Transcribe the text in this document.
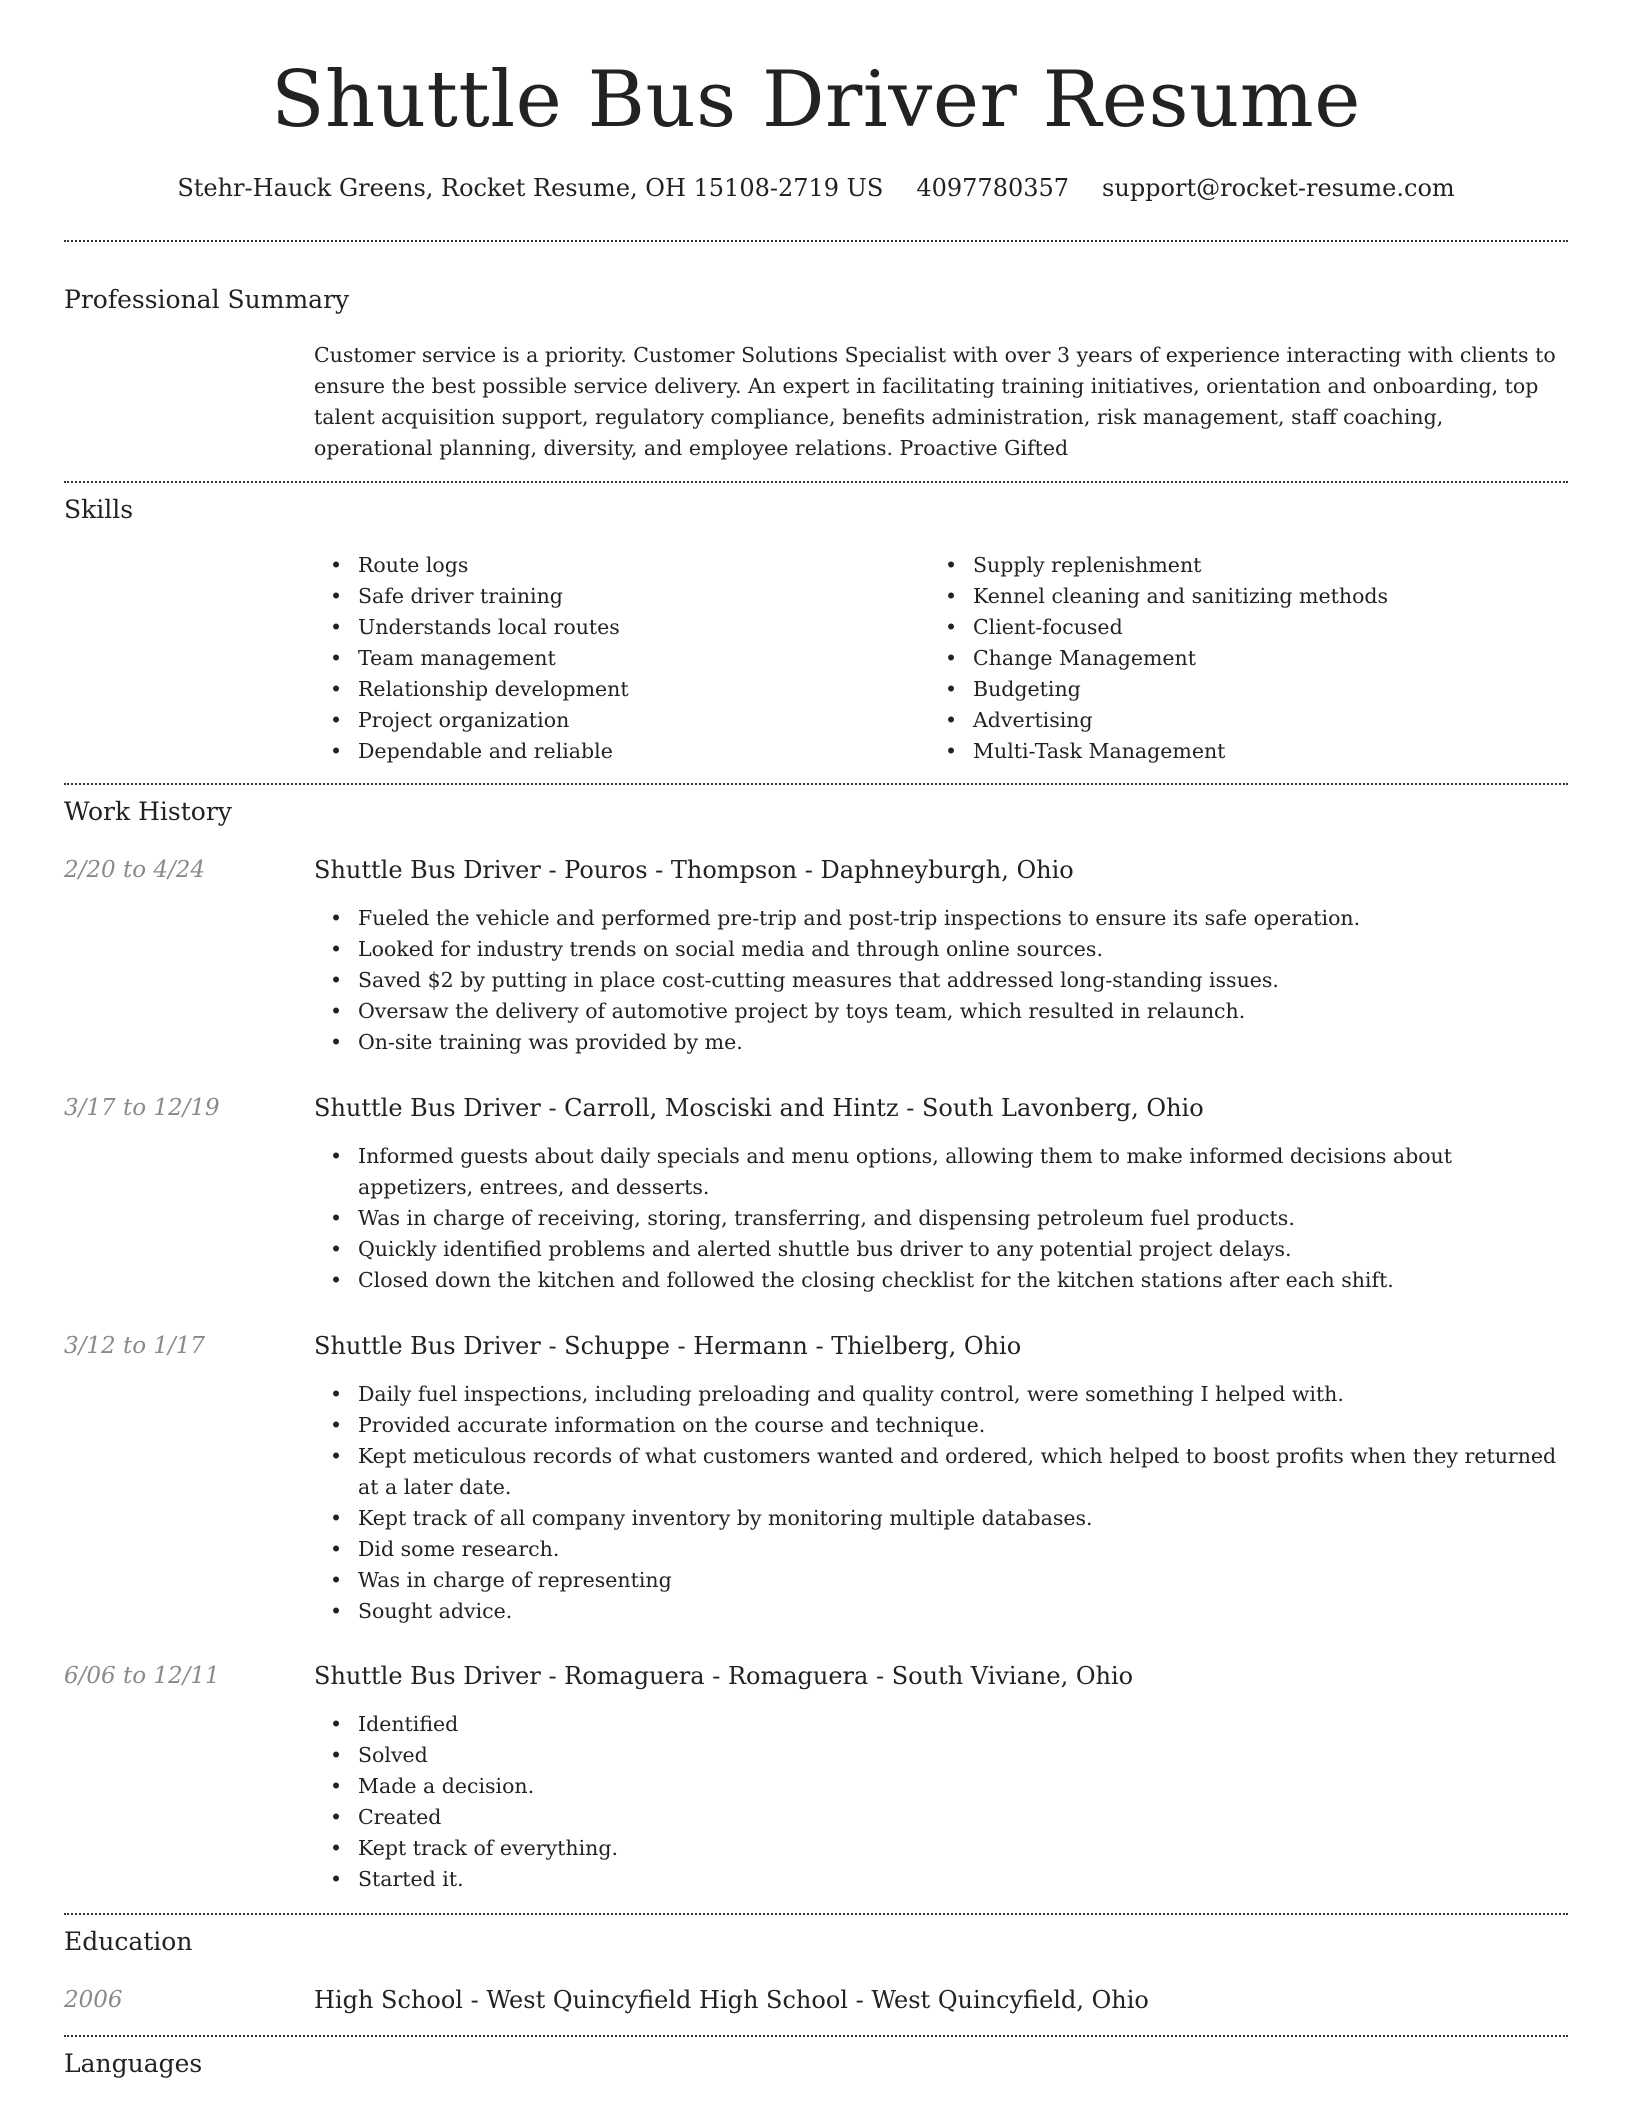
Shuttle Bus Driver Resume
Stehr-Hauck Greens, Rocket Resume, OH 15108-2719 US 4097780357 support@rocket-resume.com
Professional Summary

Customer service is a priority. Customer Solutions Specialist with over 3 years of experience interacting with clients to ensure the best possible service delivery. An expert in facilitating training initiatives, orientation and onboarding, top talent acquisition support, regulatory compliance, benefits administration, risk management, staff coaching, operational planning, diversity, and employee relations. Proactive Gifted

Skills
• Route logs
• Safe driver training
• Understands local routes
• Team management
• Relationship development
• Project organization
• Dependable and reliable
• Supply replenishment
• Kennel cleaning and sanitizing methods
• Client-focused
• Change Management
• Budgeting
• Advertising
• Multi-Task Management
Work History
2/20 to 4/24	Shuttle Bus Driver - Pouros - Thompson - Daphneyburgh, Ohio
• Fueled the vehicle and performed pre-trip and post-trip inspections to ensure its safe operation.
• Looked for industry trends on social media and through online sources.
• Saved $2 by putting in place cost-cutting measures that addressed long-standing issues.
• Oversaw the delivery of automotive project by toys team, which resulted in relaunch.
• On-site training was provided by me.
3/17 to 12/19	Shuttle Bus Driver - Carroll, Mosciski and Hintz - South Lavonberg, Ohio
• Informed guests about daily specials and menu options, allowing them to make informed decisions about appetizers, entrees, and desserts.
• Was in charge of receiving, storing, transferring, and dispensing petroleum fuel products.
• Quickly identified problems and alerted shuttle bus driver to any potential project delays.
• Closed down the kitchen and followed the closing checklist for the kitchen stations after each shift.
3/12 to 1/17	Shuttle Bus Driver - Schuppe - Hermann - Thielberg, Ohio
• Daily fuel inspections, including preloading and quality control, were something I helped with.
• Provided accurate information on the course and technique.
• Kept meticulous records of what customers wanted and ordered, which helped to boost profits when they returned at a later date.
• Kept track of all company inventory by monitoring multiple databases.
• Did some research.
• Was in charge of representing
• Sought advice.
6/06 to 12/11	Shuttle Bus Driver - Romaguera - Romaguera - South Viviane, Ohio
• Identified
• Solved
• Made a decision.
• Created
• Kept track of everything.
• Started it.
Education
2006	High School - West Quincyfield High School - West Quincyfield, Ohio
Languages
